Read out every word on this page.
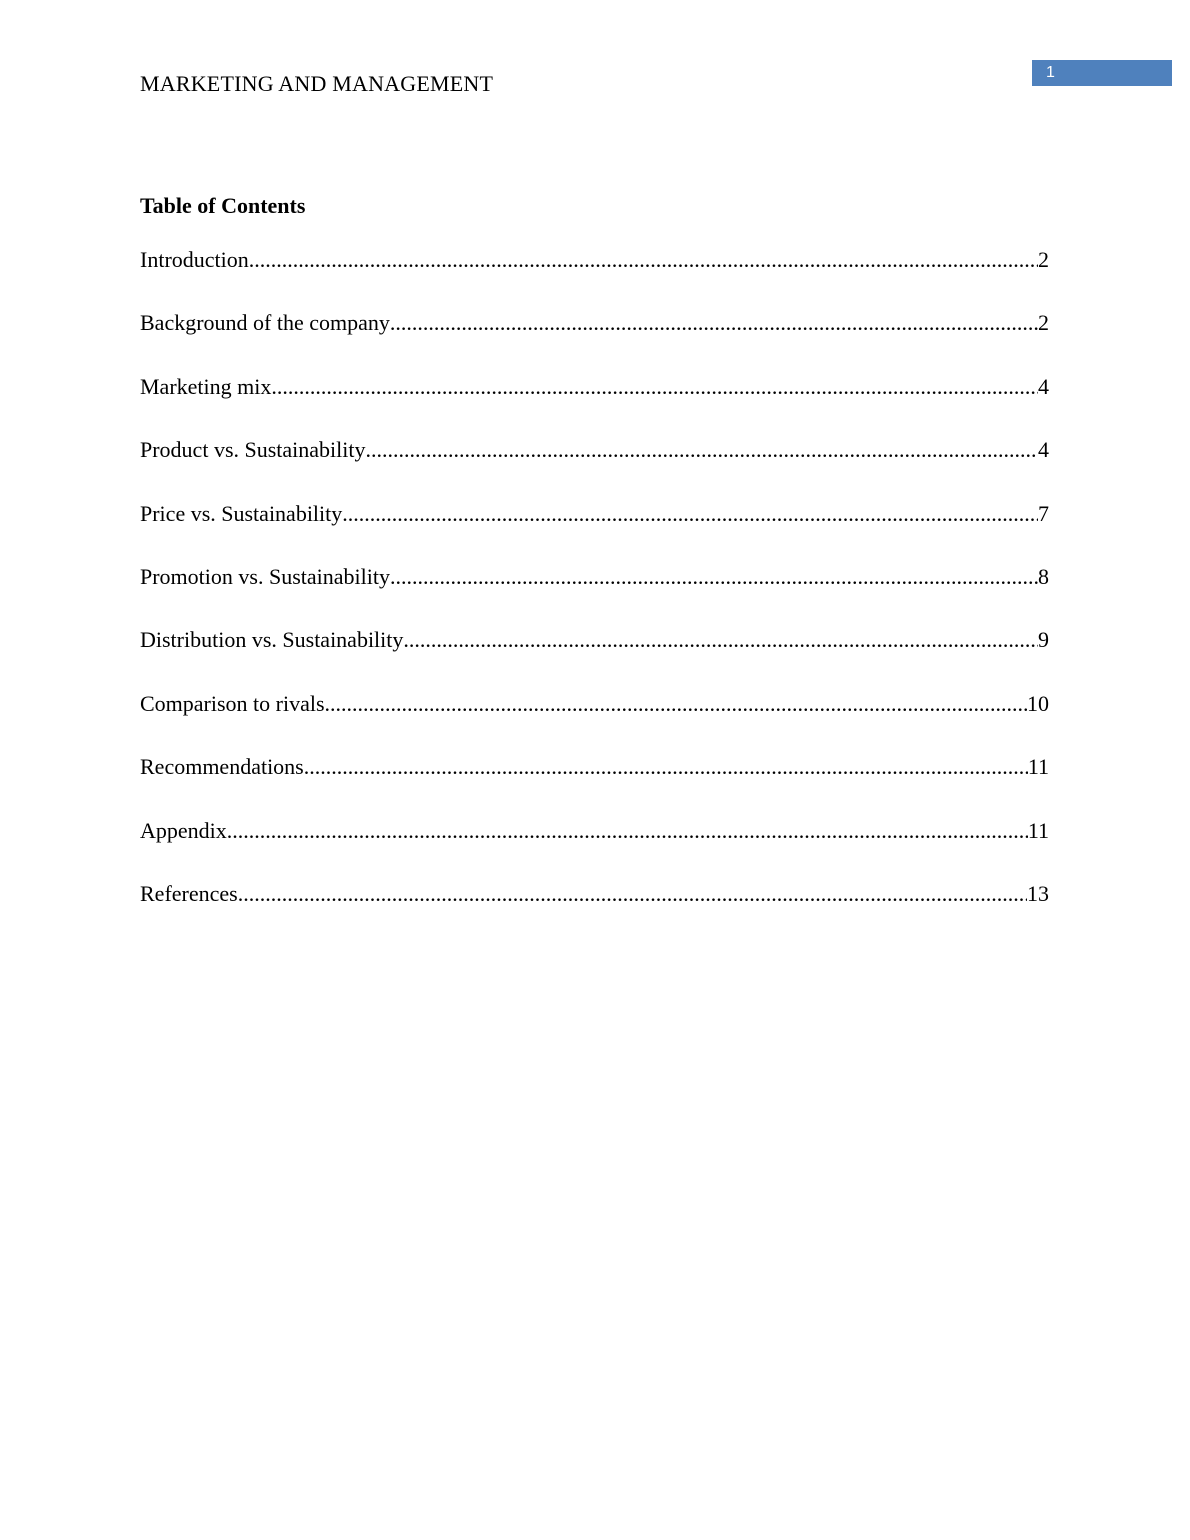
MARKETING AND MANAGEMENT	1
Table of Contents
Introduction .....	2
Background of the company .....	2
Marketing mix .....	4
Product vs. Sustainability .....	4
Price vs. Sustainability .....	7
Promotion vs. Sustainability .....	8
Distribution vs. Sustainability .....	9
Comparison to rivals .....	10
Recommendations .....	11
Appendix .....	11
References .....	13
